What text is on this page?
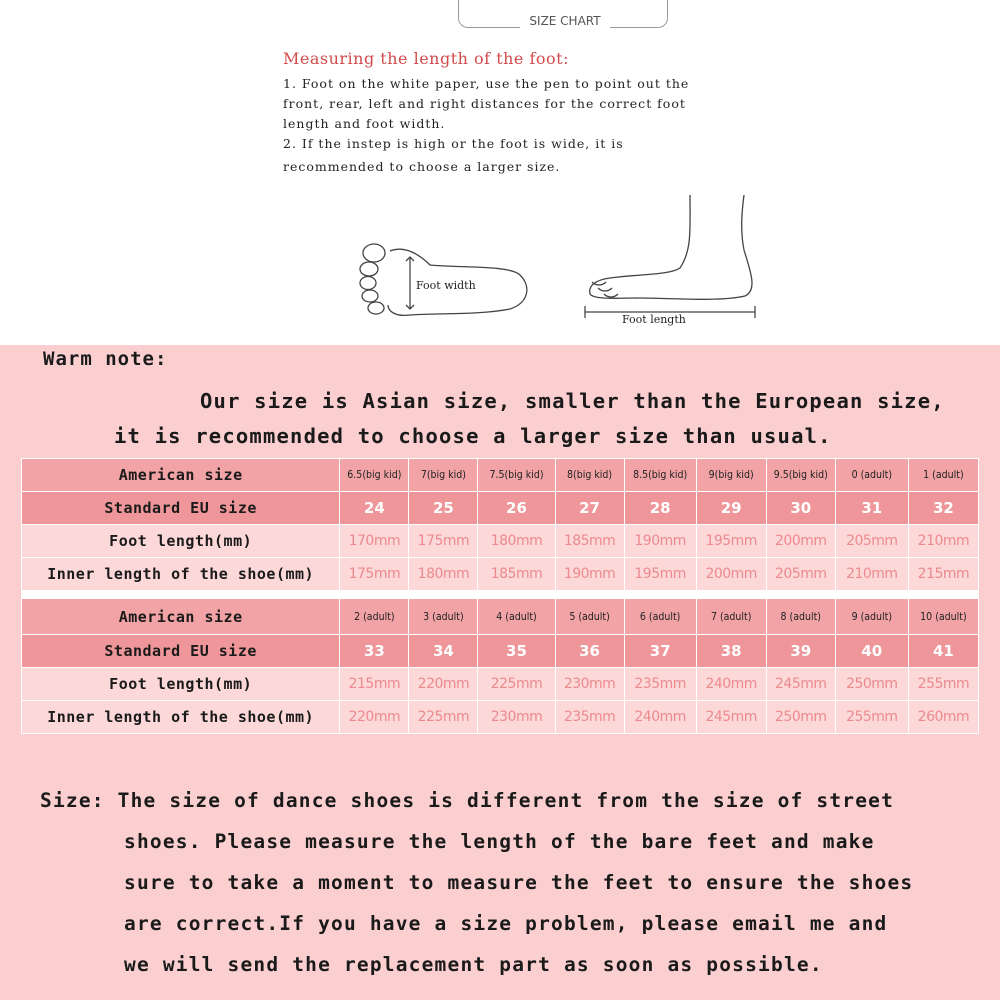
SIZE CHART
Measuring the length of the foot:
1. Foot on the white paper, use the pen to point out the
front, rear, left and right distances for the correct foot
length and foot width.
2. If the instep is high or the foot is wide, it is
recommended to choose a larger size.
Foot width
Foot length
Warm note:
Our size is Asian size, smaller than the European size,
it is recommended to choose a larger size than usual.
American size	6.5(big kid)	7(big kid)	7.5(big kid)	8(big kid)	8.5(big kid)	9(big kid)	9.5(big kid)	0 (adult)	1 (adult)
Standard EU size	24	25	26	27	28	29	30	31	32
Foot length(mm)	170mm	175mm	180mm	185mm	190mm	195mm	200mm	205mm	210mm
Inner length of the shoe(mm)	175mm	180mm	185mm	190mm	195mm	200mm	205mm	210mm	215mm
American size	2 (adult)	3 (adult)	4 (adult)	5 (adult)	6 (adult)	7 (adult)	8 (adult)	9 (adult)	10 (adult)
Standard EU size	33	34	35	36	37	38	39	40	41
Foot length(mm)	215mm	220mm	225mm	230mm	235mm	240mm	245mm	250mm	255mm
Inner length of the shoe(mm)	220mm	225mm	230mm	235mm	240mm	245mm	250mm	255mm	260mm
Size: The size of dance shoes is different from the size of street
shoes. Please measure the length of the bare feet and make
sure to take a moment to measure the feet to ensure the shoes
are correct.If you have a size problem, please email me and
we will send the replacement part as soon as possible.
